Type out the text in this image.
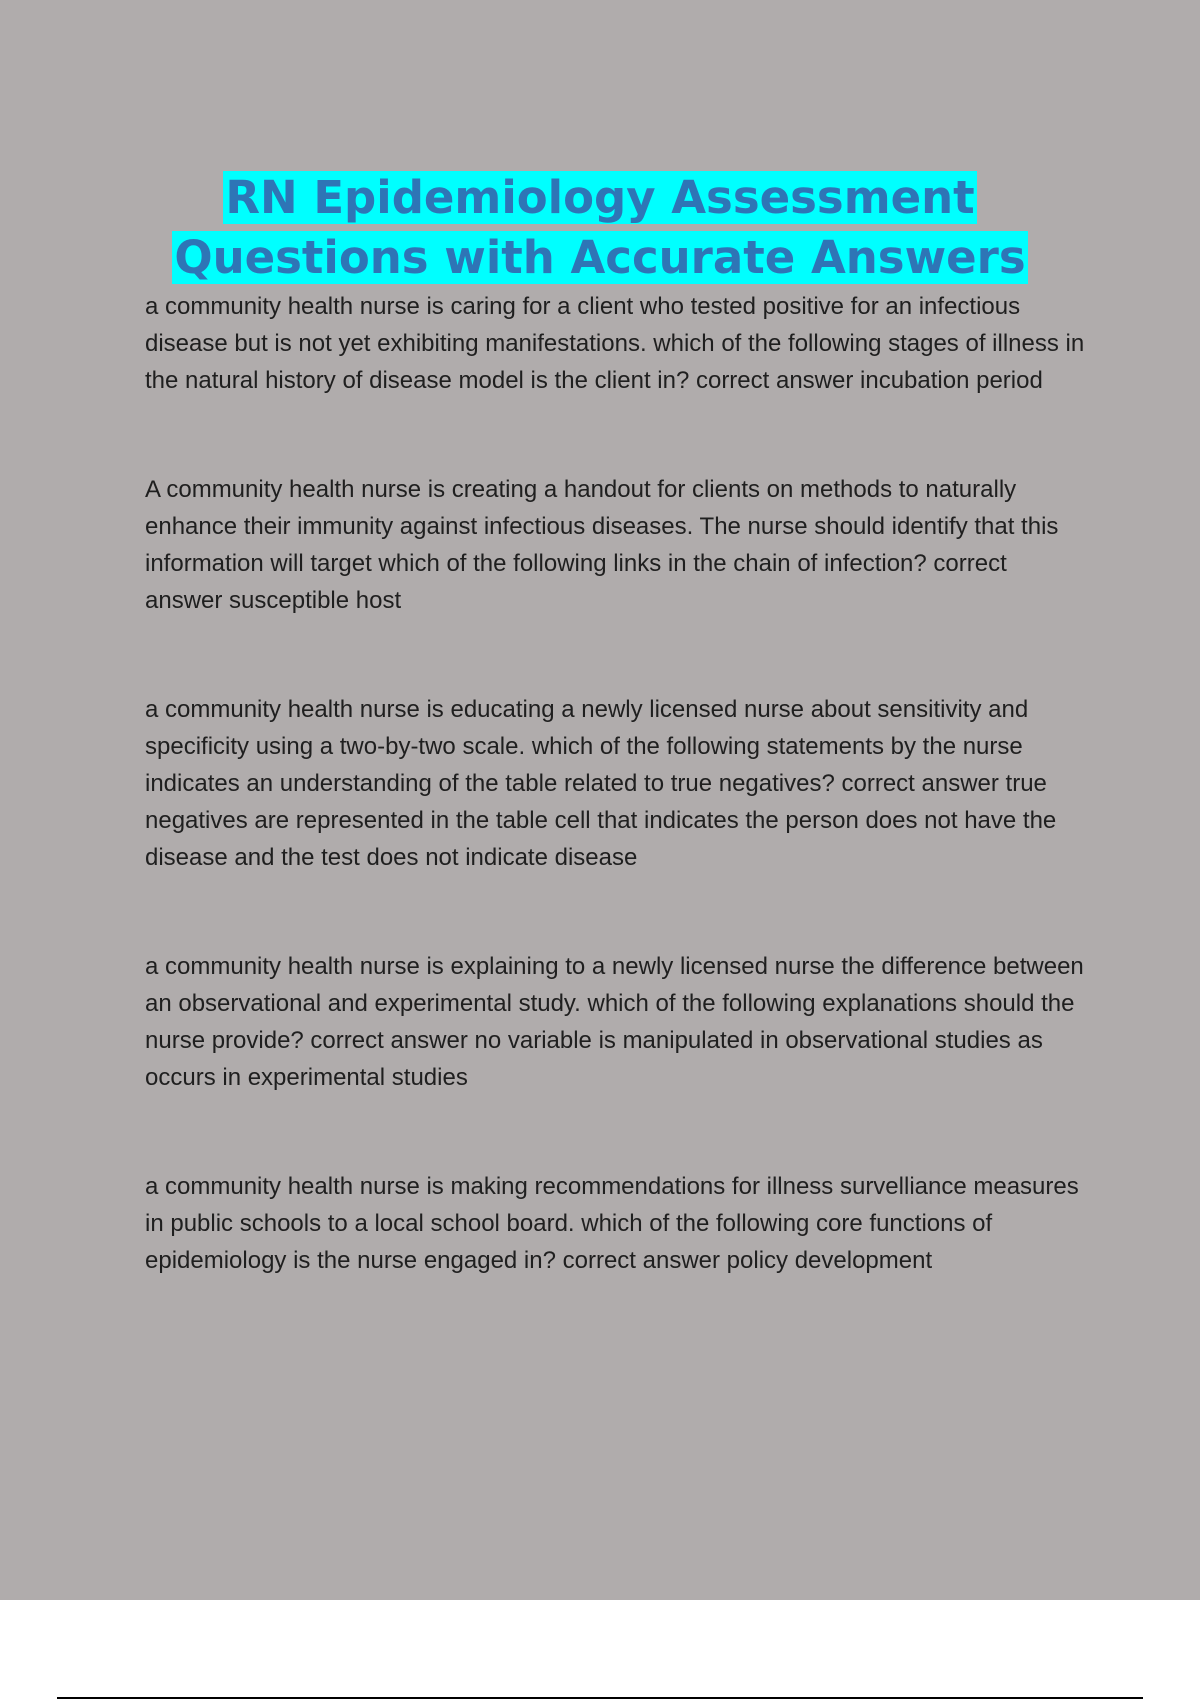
RN Epidemiology Assessment
Questions with Accurate Answers

a community health nurse is caring for a client who tested positive for an infectious disease but is not yet exhibiting manifestations. which of the following stages of illness in the natural history of disease model is the client in? correct answer incubation period

A community health nurse is creating a handout for clients on methods to naturally enhance their immunity against infectious diseases. The nurse should identify that this information will target which of the following links in the chain of infection? correct answer susceptible host

a community health nurse is educating a newly licensed nurse about sensitivity and specificity using a two-by-two scale. which of the following statements by the nurse indicates an understanding of the table related to true negatives? correct answer true negatives are represented in the table cell that indicates the person does not have the disease and the test does not indicate disease

a community health nurse is explaining to a newly licensed nurse the difference between an observational and experimental study. which of the following explanations should the nurse provide? correct answer no variable is manipulated in observational studies as occurs in experimental studies

a community health nurse is making recommendations for illness survelliance measures in public schools to a local school board. which of the following core functions of epidemiology is the nurse engaged in? correct answer policy development
